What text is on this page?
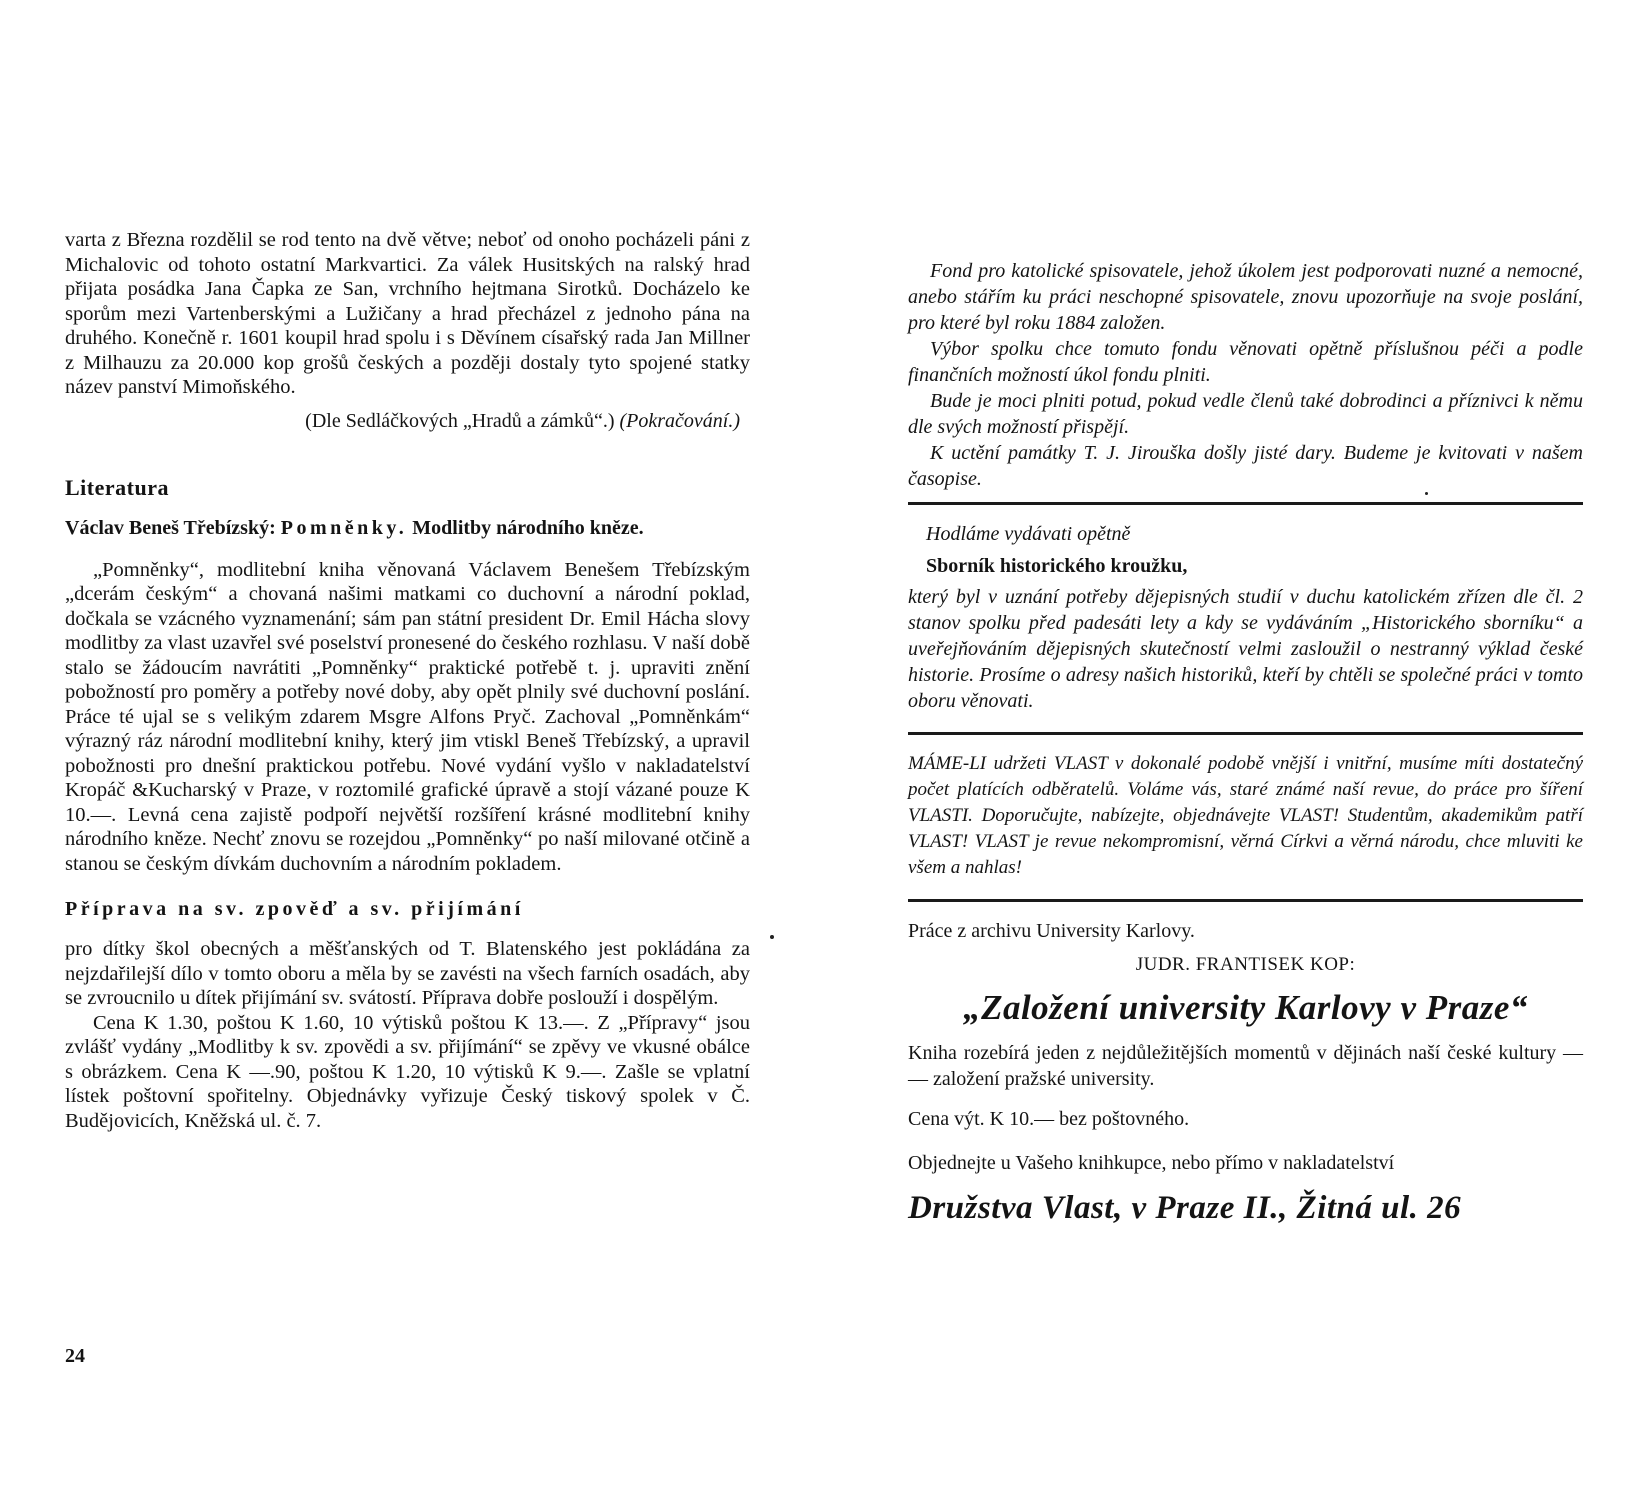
varta z Března rozdělil se rod tento na dvě větve; neboť od onoho pocházeli páni z Michalovic od tohoto ostatní Markvartici. Za válek Husitských na ralský hrad přijata posádka Jana Čapka ze San, vrchního hejtmana Sirotků. Docházelo ke sporům mezi Vartenberskými a Lužičany a hrad přecházel z jednoho pána na druhého. Konečně r. 1601 koupil hrad spolu i s Děvínem císařský rada Jan Millner z Milhauzu za 20.000 kop grošů českých a později dostaly tyto spojené statky název panství Mimoňského.

(Dle Sedláčkových „Hradů a zámků“.) (Pokračování.)
Literatura
Václav Beneš Třebízský: Pomněnky. Modlitby národního kněze.

„Pomněnky“, modlitební kniha věnovaná Václavem Benešem Třebízským „dcerám českým“ a chovaná našimi matkami co duchovní a národní poklad, dočkala se vzácného vyznamenání; sám pan státní president Dr. Emil Hácha slovy modlitby za vlast uzavřel své poselství pronesené do českého rozhlasu. V naší době stalo se žádoucím navrátiti „Pomněnky“ praktické potřebě t. j. upraviti znění pobožností pro poměry a potřeby nové doby, aby opět plnily své duchovní poslání. Práce té ujal se s velikým zdarem Msgre Alfons Pryč. Zachoval „Pomněnkám“ výrazný ráz národní modlitební knihy, který jim vtiskl Beneš Třebízský, a upravil pobožnosti pro dnešní praktickou potřebu. Nové vydání vyšlo v nakladatelství Kropáč &Kucharský v Praze, v roztomilé grafické úpravě a stojí vázané pouze K 10.—. Levná cena zajistě podpoří největší rozšíření krásné modlitební knihy národního kněze. Nechť znovu se rozejdou „Pomněnky“ po naší milované otčině a stanou se českým dívkám duchovním a národním pokladem.

Příprava na sv. zpověď a sv. přijímání

pro dítky škol obecných a měšťanských od T. Blatenského jest pokládána za nejzdařilejší dílo v tomto oboru a měla by se zavésti na všech farních osadách, aby se zvroucnilo u dítek přijímání sv. svátostí. Příprava dobře poslouží i dospělým.

Cena K 1.30, poštou K 1.60, 10 výtisků poštou K 13.—. Z „Přípravy“ jsou zvlášť vydány „Modlitby k sv. zpovědi a sv. přijímání“ se zpěvy ve vkusné obálce s obrázkem. Cena K —.90, poštou K 1.20, 10 výtisků K 9.—. Zašle se vplatní lístek poštovní spořitelny. Objednávky vyřizuje Český tiskový spolek v Č. Budějovicích, Kněžská ul. č. 7.

24

Fond pro katolické spisovatele, jehož úkolem jest podporovati nuzné a nemocné, anebo stářím ku práci neschopné spisovatele, znovu upozorňuje na svoje poslání, pro které byl roku 1884 založen.

Výbor spolku chce tomuto fondu věnovati opětně příslušnou péči a podle finančních možností úkol fondu plniti.

Bude je moci plniti potud, pokud vedle členů také dobrodinci a příznivci k němu dle svých možností přispějí.

K uctění památky T. J. Jirouška došly jisté dary. Budeme je kvitovati v našem časopise.

Hodláme vydávati opětně

Sborník historického kroužku,

který byl v uznání potřeby dějepisných studií v duchu katolickém zřízen dle čl. 2 stanov spolku před padesáti lety a kdy se vydáváním „Historického sborníku“ a uveřejňováním dějepisných skutečností velmi zasloužil o nestranný výklad české historie. Prosíme o adresy našich historiků, kteří by chtěli se společné práci v tomto oboru věnovati.

MÁME-LI udržeti VLAST v dokonalé podobě vnější i vnitřní, musíme míti dostatečný počet platících odběratelů. Voláme vás, staré známé naší revue, do práce pro šíření VLASTI. Doporučujte, nabízejte, objednávejte VLAST! Studentům, akademikům patří VLAST! VLAST je revue nekompromisní, věrná Církvi a věrná národu, chce mluviti ke všem a nahlas!

Práce z archivu University Karlovy.

JUDR. FRANTISEK KOP:
„Založení university Karlovy v Praze“

Kniha rozebírá jeden z nejdůležitějších momentů v dějinách naší české kultury — — založení pražské university.

Cena výt. K 10.— bez poštovného.

Objednejte u Vašeho knihkupce, nebo přímo v nakladatelství

Družstva Vlast, v Praze II., Žitná ul. 26
